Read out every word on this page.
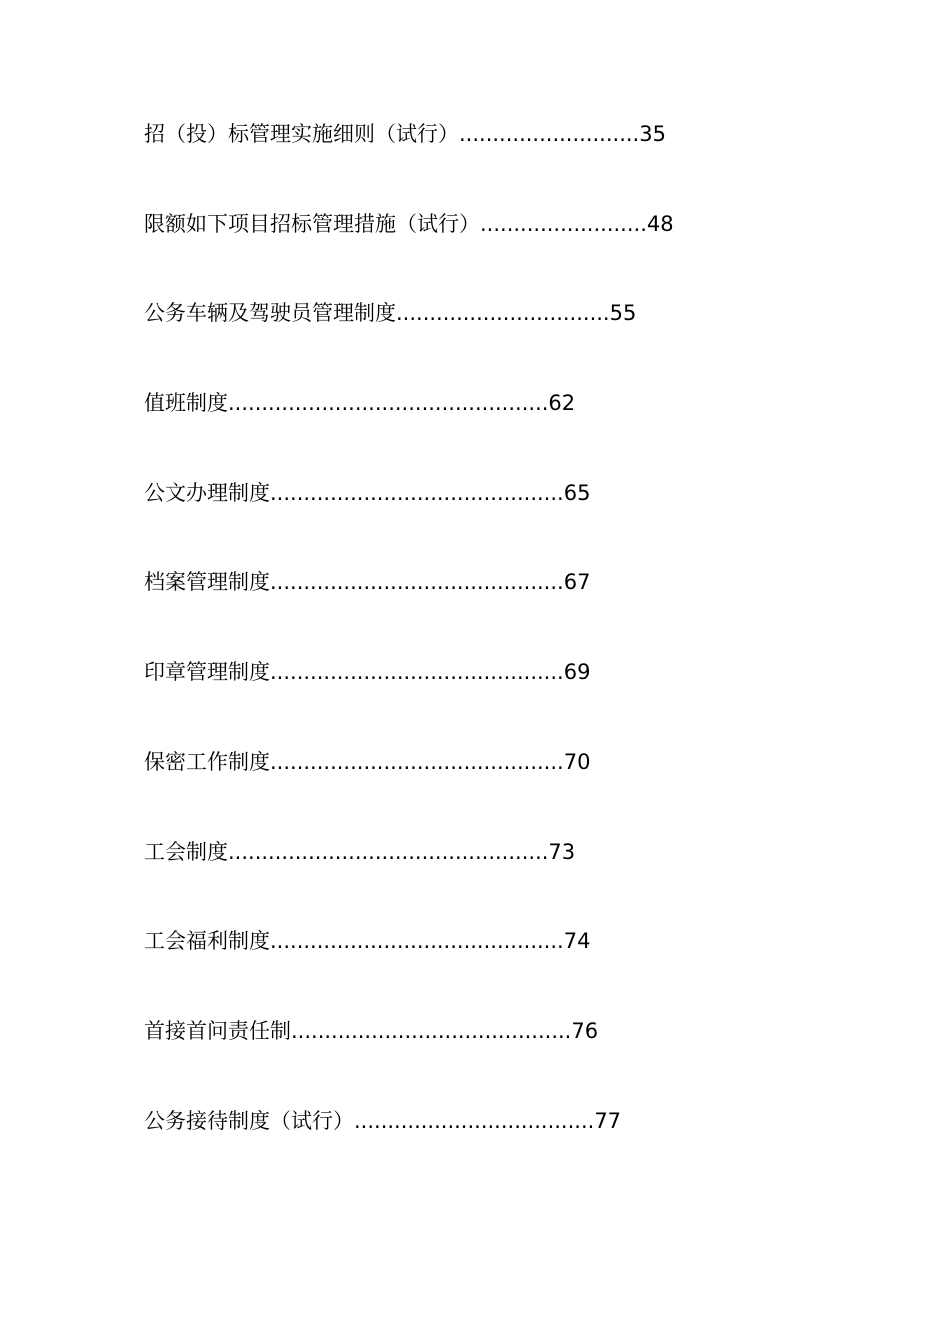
招（投）标管理实施细则（试行）...........................35
限额如下项目招标管理措施（试行）.........................48
公务车辆及驾驶员管理制度................................55
值班制度................................................62
公文办理制度............................................65
档案管理制度............................................67
印章管理制度............................................69
保密工作制度............................................70
工会制度................................................73
工会福利制度............................................74
首接首问责任制..........................................76
公务接待制度（试行）....................................77
